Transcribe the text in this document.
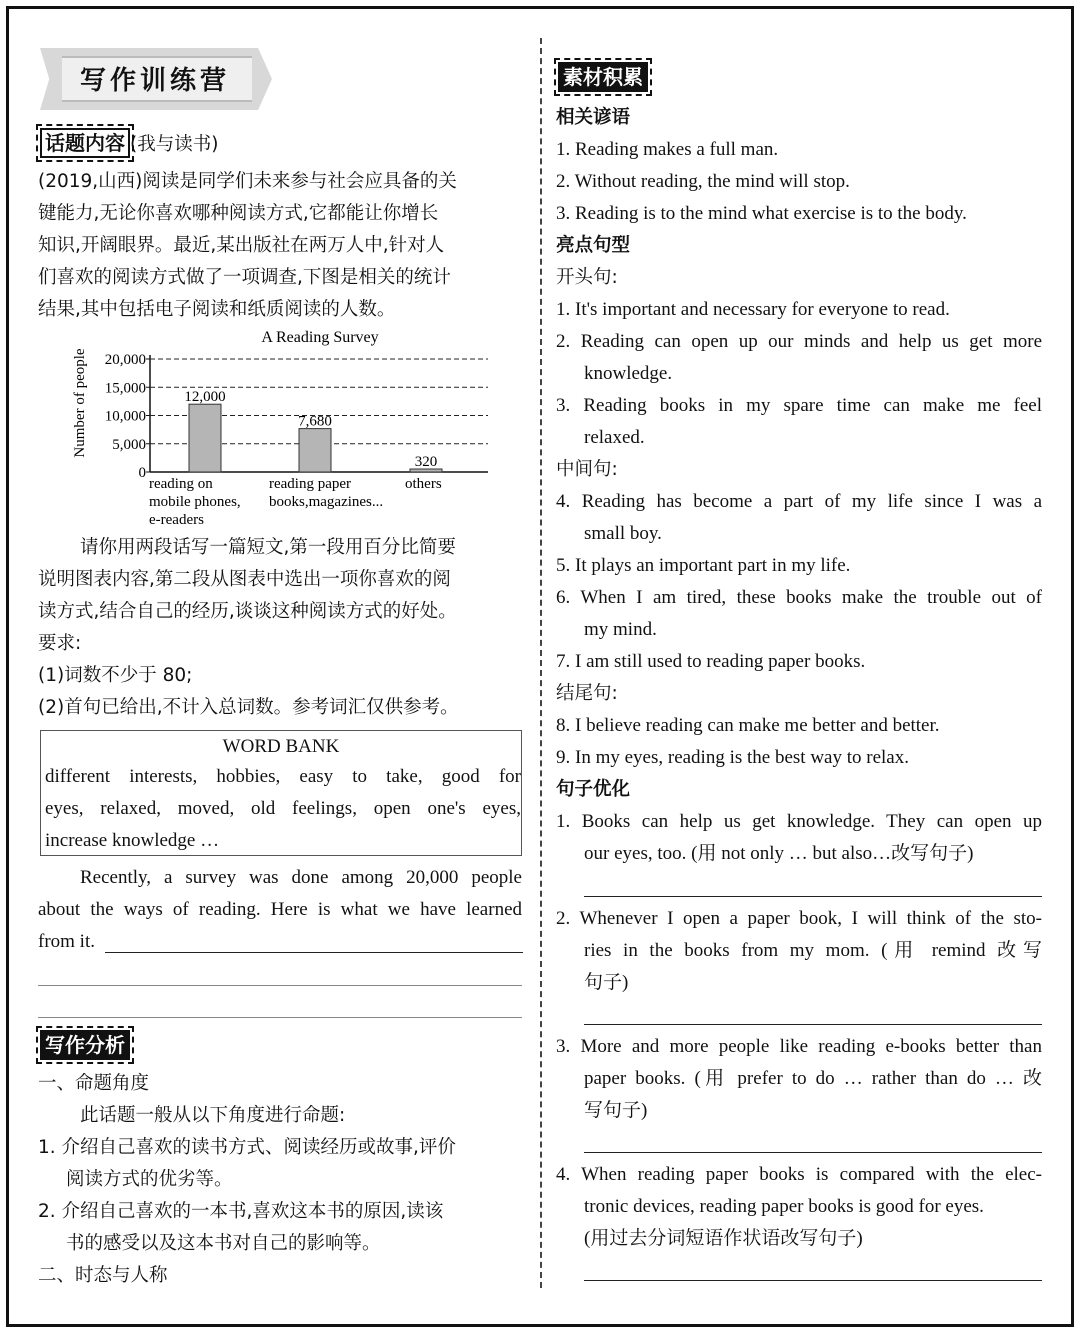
写作训练营
话题内容 (我与读书)
(2019,山西)阅读是同学们未来参与社会应具备的关
键能力,无论你喜欢哪种阅读方式,它都能让你增长
知识,开阔眼界。最近,某出版社在两万人中,针对人
们喜欢的阅读方式做了一项调查,下图是相关的统计
结果,其中包括电子阅读和纸质阅读的人数。
A Reading Survey
Number of people 20,000
15,000
10,000
5,000
0
12,000
7,680
320
reading on
mobile phones,
e-readers
reading paper
books,magazines...
others
请你用两段话写一篇短文,第一段用百分比简要
说明图表内容,第二段从图表中选出一项你喜欢的阅
读方式,结合自己的经历,谈谈这种阅读方式的好处。
要求:
(1)词数不少于 80;
(2)首句已给出,不计入总词数。参考词汇仅供参考。
WORD BANK
different interests, hobbies, easy to take, good for
eyes, relaxed, moved, old feelings, open one's eyes,
increase knowledge …
Recently, a survey was done among 20,000 people
about the ways of reading. Here is what we have learned
from it.
写作分析
一、命题角度
此话题一般从以下角度进行命题:
1. 介绍自己喜欢的读书方式、阅读经历或故事,评价
阅读方式的优劣等。
2. 介绍自己喜欢的一本书,喜欢这本书的原因,读该
书的感受以及这本书对自己的影响等。
二、时态与人称
素材积累
相关谚语
1. Reading makes a full man.
2. Without reading, the mind will stop.
3. Reading is to the mind what exercise is to the body.
亮点句型
开头句:
1. It's important and necessary for everyone to read.
2. Reading can open up our minds and help us get more
knowledge.
3. Reading books in my spare time can make me feel
relaxed.
中间句:
4. Reading has become a part of my life since I was a
small boy.
5. It plays an important part in my life.
6. When I am tired, these books make the trouble out of
my mind.
7. I am still used to reading paper books.
结尾句:
8. I believe reading can make me better and better.
9. In my eyes, reading is the best way to relax.
句子优化
1. Books can help us get knowledge. They can open up
our eyes, too. (用 not only … but also…改写句子)
2. Whenever I open a paper book, I will think of the sto-
ries in the books from my mom. (用 remind 改写
句子)
3. More and more people like reading e-books better than
paper books. (用 prefer to do … rather than do … 改
写句子)
4. When reading paper books is compared with the elec-
tronic devices, reading paper books is good for eyes.
(用过去分词短语作状语改写句子)
